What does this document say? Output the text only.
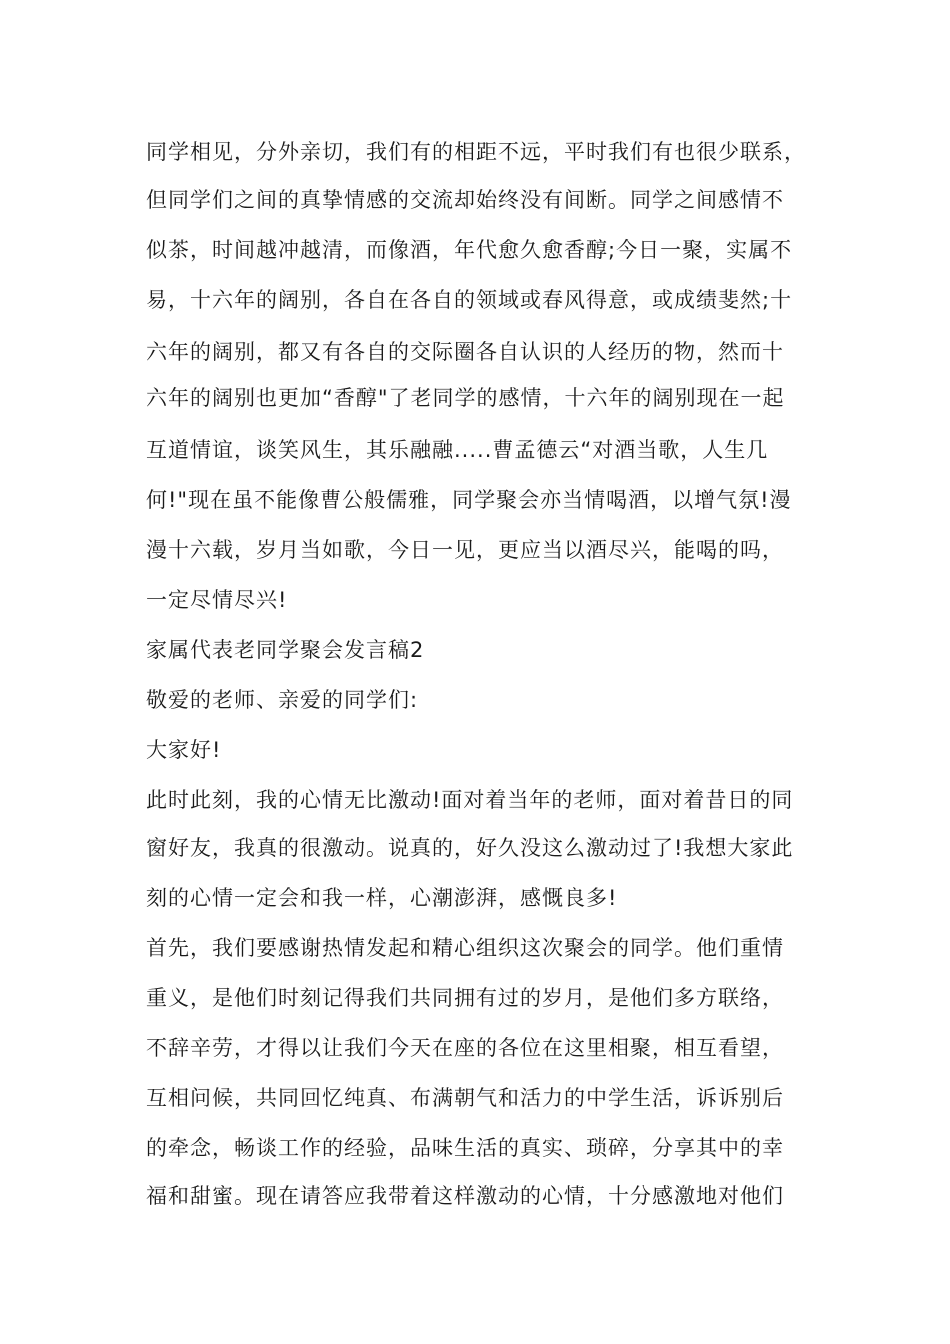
同学相见，分外亲切，我们有的相距不远，平时我们有也很少联系，
但同学们之间的真挚情感的交流却始终没有间断。同学之间感情不
似茶，时间越冲越清，而像酒，年代愈久愈香醇;今日一聚，实属不
易，十六年的阔别，各自在各自的领域或春风得意，或成绩斐然;十
六年的阔别，都又有各自的交际圈各自认识的人经历的物，然而十
六年的阔别也更加“香醇"了老同学的感情，十六年的阔别现在一起
互道情谊，谈笑风生，其乐融融.....曹孟德云“对酒当歌，人生几
何!"现在虽不能像曹公般儒雅，同学聚会亦当情喝酒，以增气氛!漫
漫十六载，岁月当如歌，今日一见，更应当以酒尽兴，能喝的吗，
一定尽情尽兴!
家属代表老同学聚会发言稿2
敬爱的老师、亲爱的同学们:
大家好!
此时此刻，我的心情无比激动!面对着当年的老师，面对着昔日的同
窗好友，我真的很激动。说真的，好久没这么激动过了!我想大家此
刻的心情一定会和我一样，心潮澎湃，感慨良多!
首先，我们要感谢热情发起和精心组织这次聚会的同学。他们重情
重义，是他们时刻记得我们共同拥有过的岁月，是他们多方联络，
不辞辛劳，才得以让我们今天在座的各位在这里相聚，相互看望，
互相问候，共同回忆纯真、布满朝气和活力的中学生活，诉诉别后
的牵念，畅谈工作的经验，品味生活的真实、琐碎，分享其中的幸
福和甜蜜。现在请答应我带着这样激动的心情，十分感激地对他们
